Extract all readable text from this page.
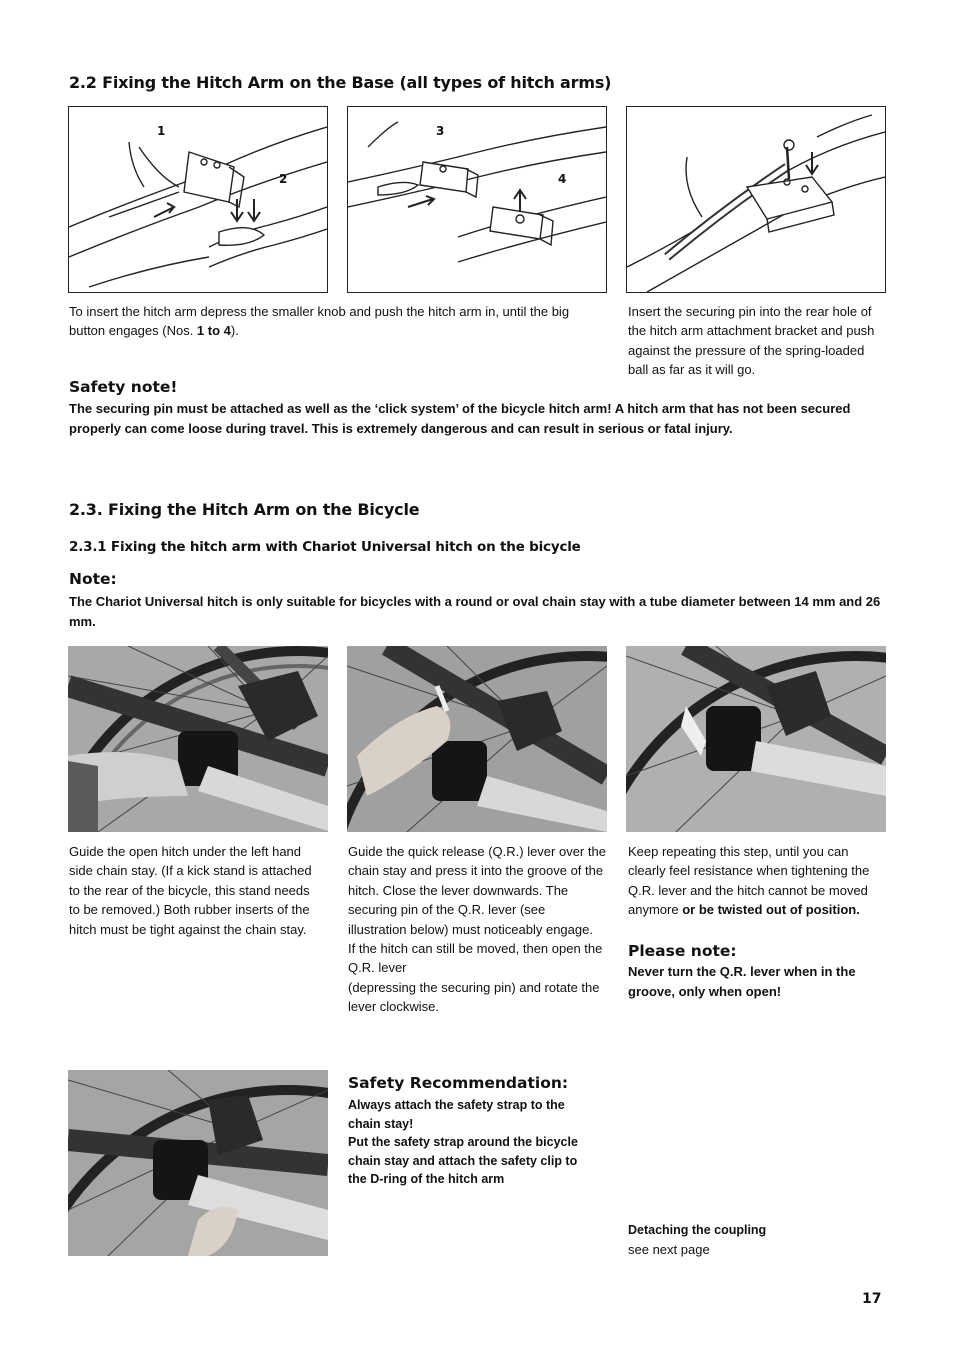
2.2 Fixing the Hitch Arm on the Base (all types of hitch arms)
1
2
3
4
To insert the hitch arm depress the smaller knob and push the hitch arm in, until the big button engages (Nos. 1 to 4).
Insert the securing pin into the rear hole of the hitch arm attachment bracket and push against the pressure of the spring-loaded ball as far as it will go.
Safety note!
The securing pin must be attached as well as the ‘click system’ of the bicycle hitch arm! A hitch arm that has not been secured properly can come loose during travel. This is extremely dangerous and can result in serious or fatal injury.
2.3. Fixing the Hitch Arm on the Bicycle
2.3.1 Fixing the hitch arm with Chariot Universal hitch on the bicycle
Note:
The Chariot Universal hitch is only suitable for bicycles with a round or oval chain stay with a tube diameter between 14 mm and 26 mm.
Guide the open hitch under the left hand side chain stay. (If a kick stand is attached to the rear of the bicycle, this stand needs to be removed.) Both rubber inserts of the hitch must be tight against the chain stay.
Guide the quick release (Q.R.) lever over the chain stay and press it into the groove of the hitch. Close the lever downwards. The securing pin of the Q.R. lever (see illustration below) must noticeably engage.
If the hitch can still be moved, then open the Q.R. lever
(depressing the securing pin) and rotate the lever clockwise.
Keep repeating this step, until you can clearly feel resistance when tightening the Q.R. lever and the hitch cannot be moved anymore or be twisted out of position.
Please note:
Never turn the Q.R. lever when in the groove, only when open!
Safety Recommendation:
Always attach the safety strap to the chain stay!
Put the safety strap around the bicycle chain stay and attach the safety clip to the D-ring of the hitch arm
Detaching the coupling
see next page
17
